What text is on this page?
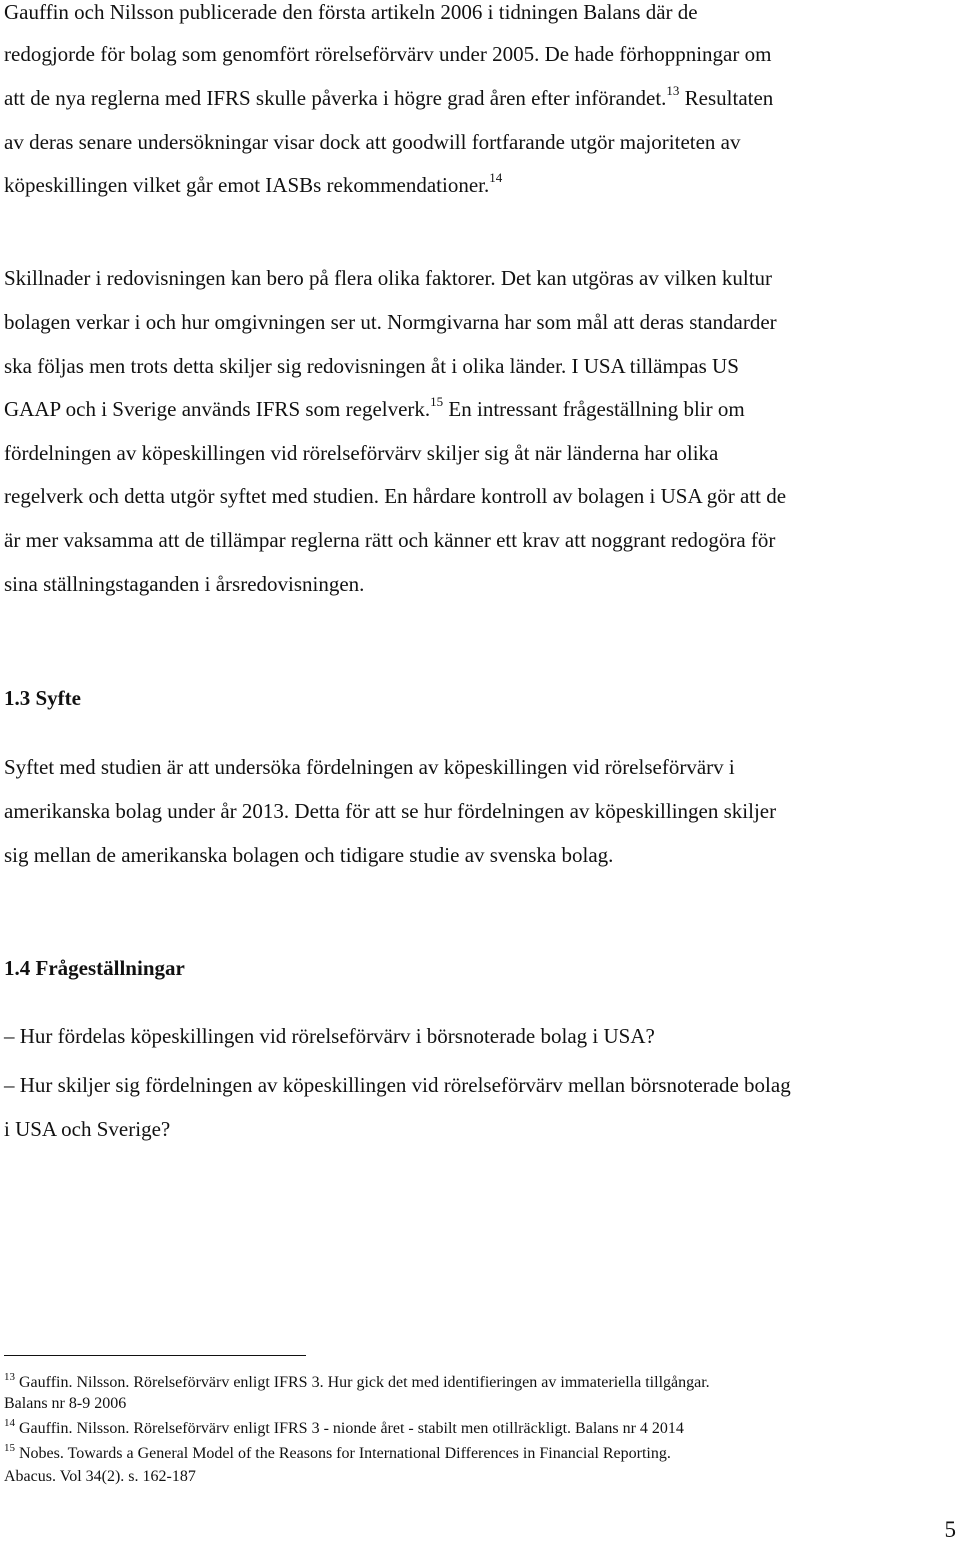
Gauffin och Nilsson publicerade den första artikeln 2006 i tidningen Balans där de
redogjorde för bolag som genomfört rörelseförvärv under 2005. De hade förhoppningar om
att de nya reglerna med IFRS skulle påverka i högre grad åren efter införandet.$^{13}$ Resultaten
av deras senare undersökningar visar dock att goodwill fortfarande utgör majoriteten av
köpeskillingen vilket går emot IASBs rekommendationer.$^{14}$
Skillnader i redovisningen kan bero på flera olika faktorer. Det kan utgöras av vilken kultur
bolagen verkar i och hur omgivningen ser ut. Normgivarna har som mål att deras standarder
ska följas men trots detta skiljer sig redovisningen åt i olika länder. I USA tillämpas US
GAAP och i Sverige används IFRS som regelverk.$^{15}$ En intressant frågeställning blir om
fördelningen av köpeskillingen vid rörelseförvärv skiljer sig åt när länderna har olika
regelverk och detta utgör syftet med studien. En hårdare kontroll av bolagen i USA gör att de
är mer vaksamma att de tillämpar reglerna rätt och känner ett krav att noggrant redogöra för
sina ställningstaganden i årsredovisningen.
1.3 Syfte
Syftet med studien är att undersöka fördelningen av köpeskillingen vid rörelseförvärv i
amerikanska bolag under år 2013. Detta för att se hur fördelningen av köpeskillingen skiljer
sig mellan de amerikanska bolagen och tidigare studie av svenska bolag.
1.4 Frågeställningar
– Hur fördelas köpeskillingen vid rörelseförvärv i börsnoterade bolag i USA?
– Hur skiljer sig fördelningen av köpeskillingen vid rörelseförvärv mellan börsnoterade bolag
i USA och Sverige?
$^{13}$ Gauffin. Nilsson. Rörelseförvärv enligt IFRS 3. Hur gick det med identifieringen av immateriella tillgångar.
Balans nr 8-9 2006
$^{14}$ Gauffin. Nilsson. Rörelseförvärv enligt IFRS 3 - nionde året - stabilt men otillräckligt. Balans nr 4 2014
$^{15}$ Nobes. Towards a General Model of the Reasons for International Differences in Financial Reporting.
Abacus. Vol 34(2). s. 162-187
5
